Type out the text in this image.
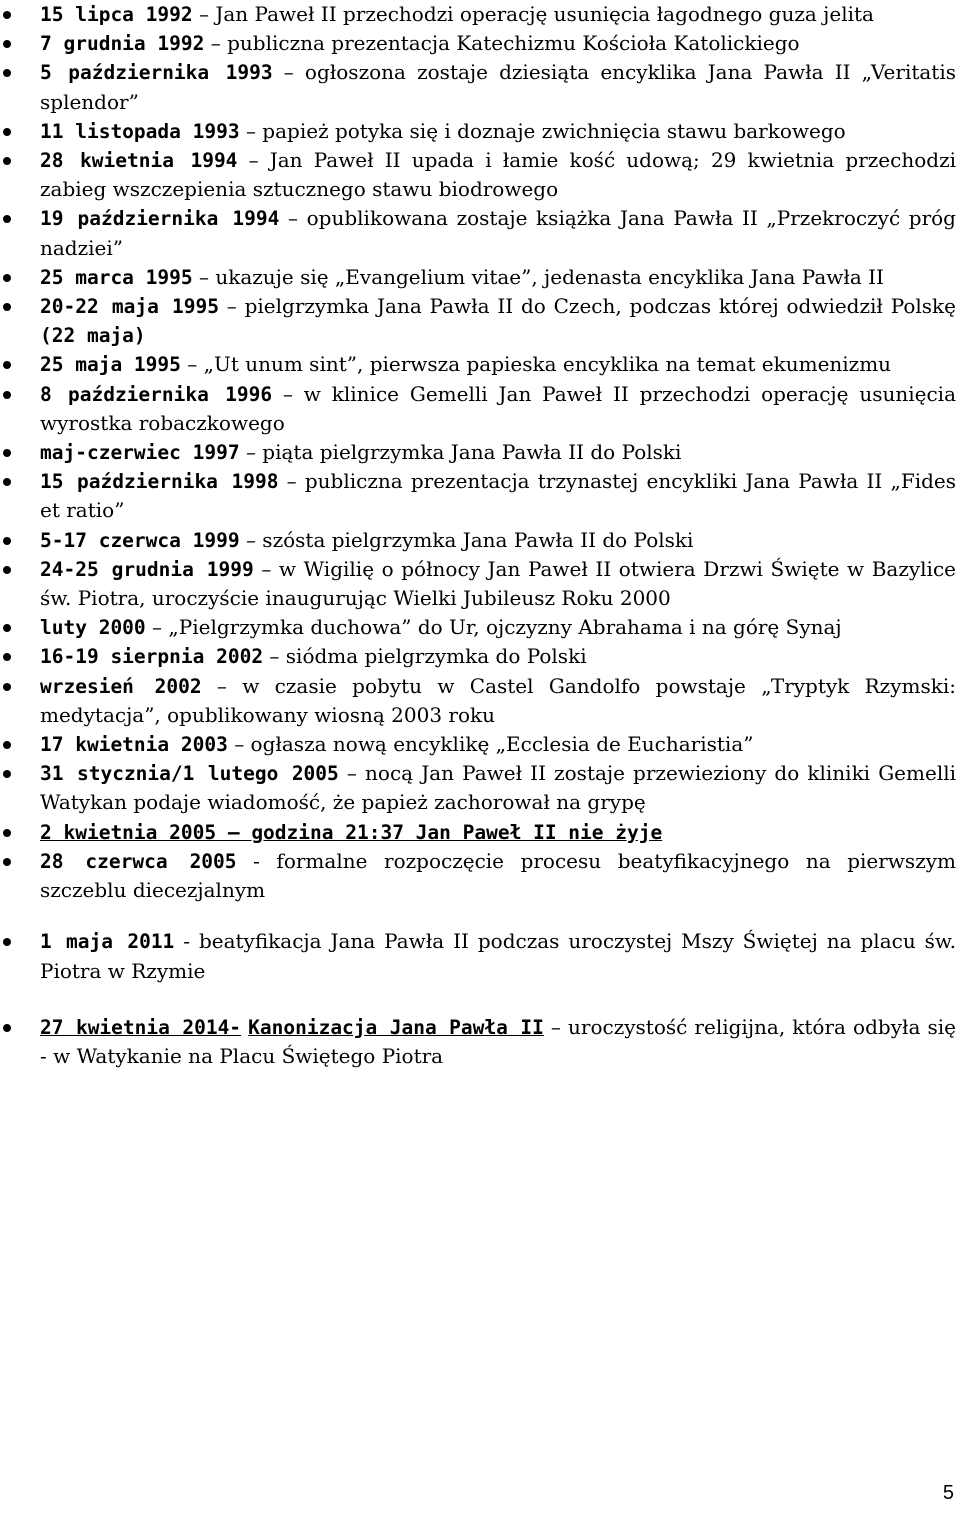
15 lipca 1992 – Jan Paweł II przechodzi operację usunięcia łagodnego guza jelita
7 grudnia 1992 – publiczna prezentacja Katechizmu Kościoła Katolickiego
5 października 1993 – ogłoszona zostaje dziesiąta encyklika Jana Pawła II „Veritatis splendor”
11 listopada 1993 – papież potyka się i doznaje zwichnięcia stawu barkowego
28 kwietnia 1994 – Jan Paweł II upada i łamie kość udową; 29 kwietnia przechodzi zabieg wszczepienia sztucznego stawu biodrowego
19 października 1994 – opublikowana zostaje książka Jana Pawła II „Przekroczyć próg nadziei”
25 marca 1995 – ukazuje się „Evangelium vitae”, jedenasta encyklika Jana Pawła II
20-22 maja 1995 – pielgrzymka Jana Pawła II do Czech, podczas której odwiedził Polskę (22 maja)
25 maja 1995 – „Ut unum sint”, pierwsza papieska encyklika na temat ekumenizmu
8 października 1996 – w klinice Gemelli Jan Paweł II przechodzi operację usunięcia wyrostka robaczkowego
maj-czerwiec 1997 – piąta pielgrzymka Jana Pawła II do Polski
15 października 1998 – publiczna prezentacja trzynastej encykliki Jana Pawła II „Fides et ratio”
5-17 czerwca 1999 – szósta pielgrzymka Jana Pawła II do Polski
24-25 grudnia 1999 – w Wigilię o północy Jan Paweł II otwiera Drzwi Święte w Bazylice św. Piotra, uroczyście inaugurując Wielki Jubileusz Roku 2000
luty 2000 – „Pielgrzymka duchowa” do Ur, ojczyzny Abrahama i na górę Synaj
16-19 sierpnia 2002 – siódma pielgrzymka do Polski
wrzesień 2002 – w czasie pobytu w Castel Gandolfo powstaje „Tryptyk Rzymski: medytacja”, opublikowany wiosną 2003 roku
17 kwietnia 2003 – ogłasza nową encyklikę „Ecclesia de Eucharistia”
31 stycznia/1 lutego 2005 – nocą Jan Paweł II zostaje przewieziony do kliniki Gemelli Watykan podaje wiadomość, że papież zachorował na grypę
2 kwietnia 2005 – godzina 21:37 Jan Paweł II nie żyje
28 czerwca 2005 - formalne rozpoczęcie procesu beatyfikacyjnego na pierwszym szczeblu diecezjalnym
1 maja 2011 - beatyfikacja Jana Pawła II podczas uroczystej Mszy Świętej na placu św. Piotra w Rzymie
27 kwietnia 2014- Kanonizacja Jana Pawła II – uroczystość religijna, która odbyła się - w Watykanie na Placu Świętego Piotra
5
